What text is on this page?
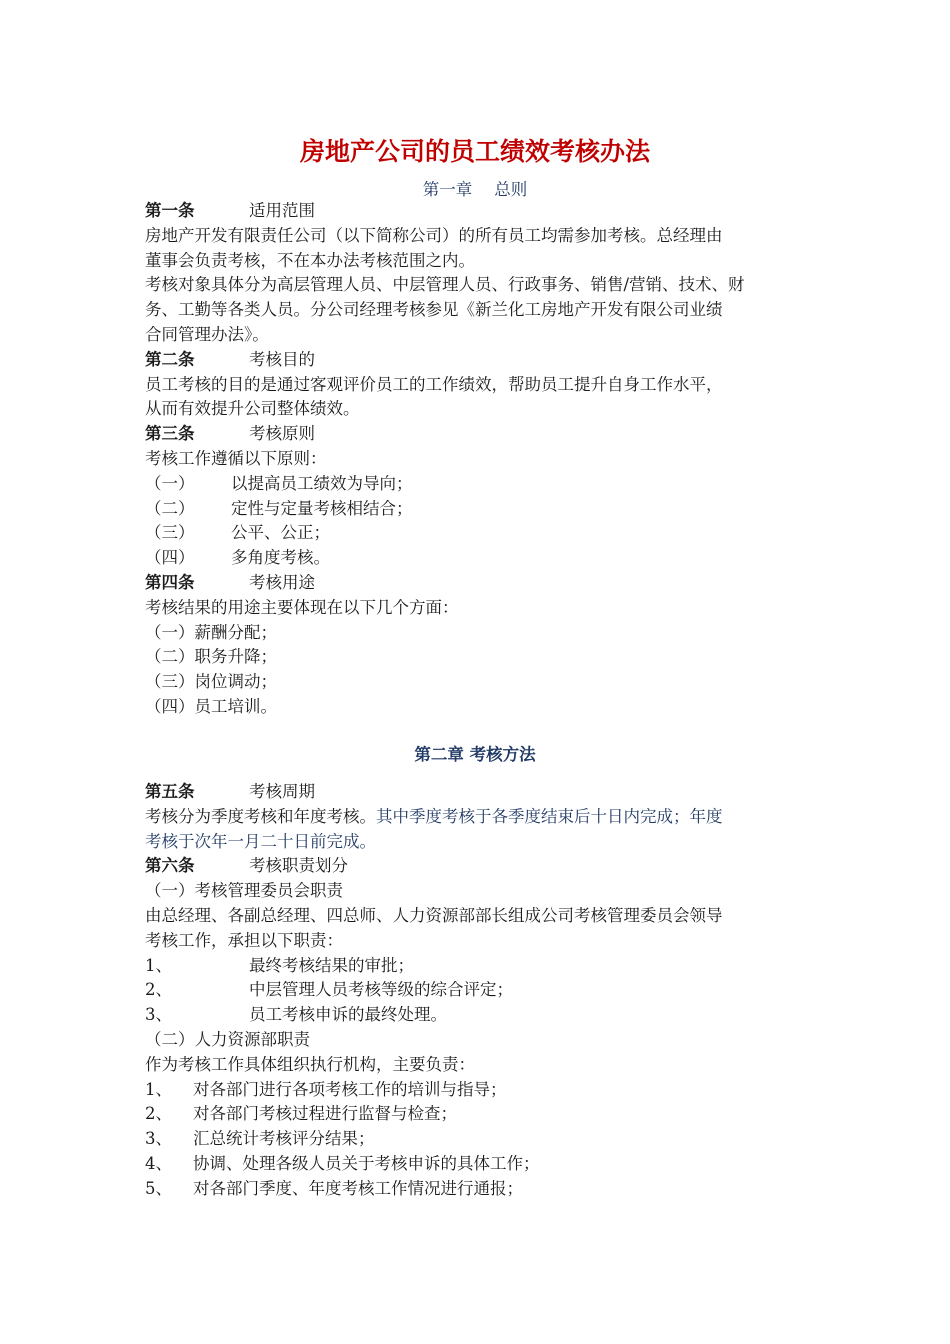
房地产公司的员工绩效考核办法
第一章 总则
第一条	适用范围
房地产开发有限责任公司（以下简称公司）的所有员工均需参加考核。总经理由
董事会负责考核，不在本办法考核范围之内。
考核对象具体分为高层管理人员、中层管理人员、行政事务、销售/营销、技术、财
务、工勤等各类人员。分公司经理考核参见《新兰化工房地产开发有限公司业绩
合同管理办法》。
第二条	考核目的
员工考核的目的是通过客观评价员工的工作绩效，帮助员工提升自身工作水平，
从而有效提升公司整体绩效。
第三条	考核原则
考核工作遵循以下原则：
（一） 以提高员工绩效为导向；
（二） 定性与定量考核相结合；
（三） 公平、公正；
（四） 多角度考核。
第四条	考核用途
考核结果的用途主要体现在以下几个方面：
（一）薪酬分配；
（二）职务升降；
（三）岗位调动；
（四）员工培训。
第二章 考核方法
第五条	考核周期
考核分为季度考核和年度考核。其中季度考核于各季度结束后十日内完成；年度
考核于次年一月二十日前完成。
第六条	考核职责划分
（一）考核管理委员会职责
由总经理、各副总经理、四总师、人力资源部部长组成公司考核管理委员会领导
考核工作，承担以下职责：
1、	最终考核结果的审批；
2、	中层管理人员考核等级的综合评定；
3、	员工考核申诉的最终处理。
（二）人力资源部职责
作为考核工作具体组织执行机构，主要负责：
1、 对各部门进行各项考核工作的培训与指导；
2、 对各部门考核过程进行监督与检查；
3、 汇总统计考核评分结果；
4、 协调、处理各级人员关于考核申诉的具体工作；
5、 对各部门季度、年度考核工作情况进行通报；
